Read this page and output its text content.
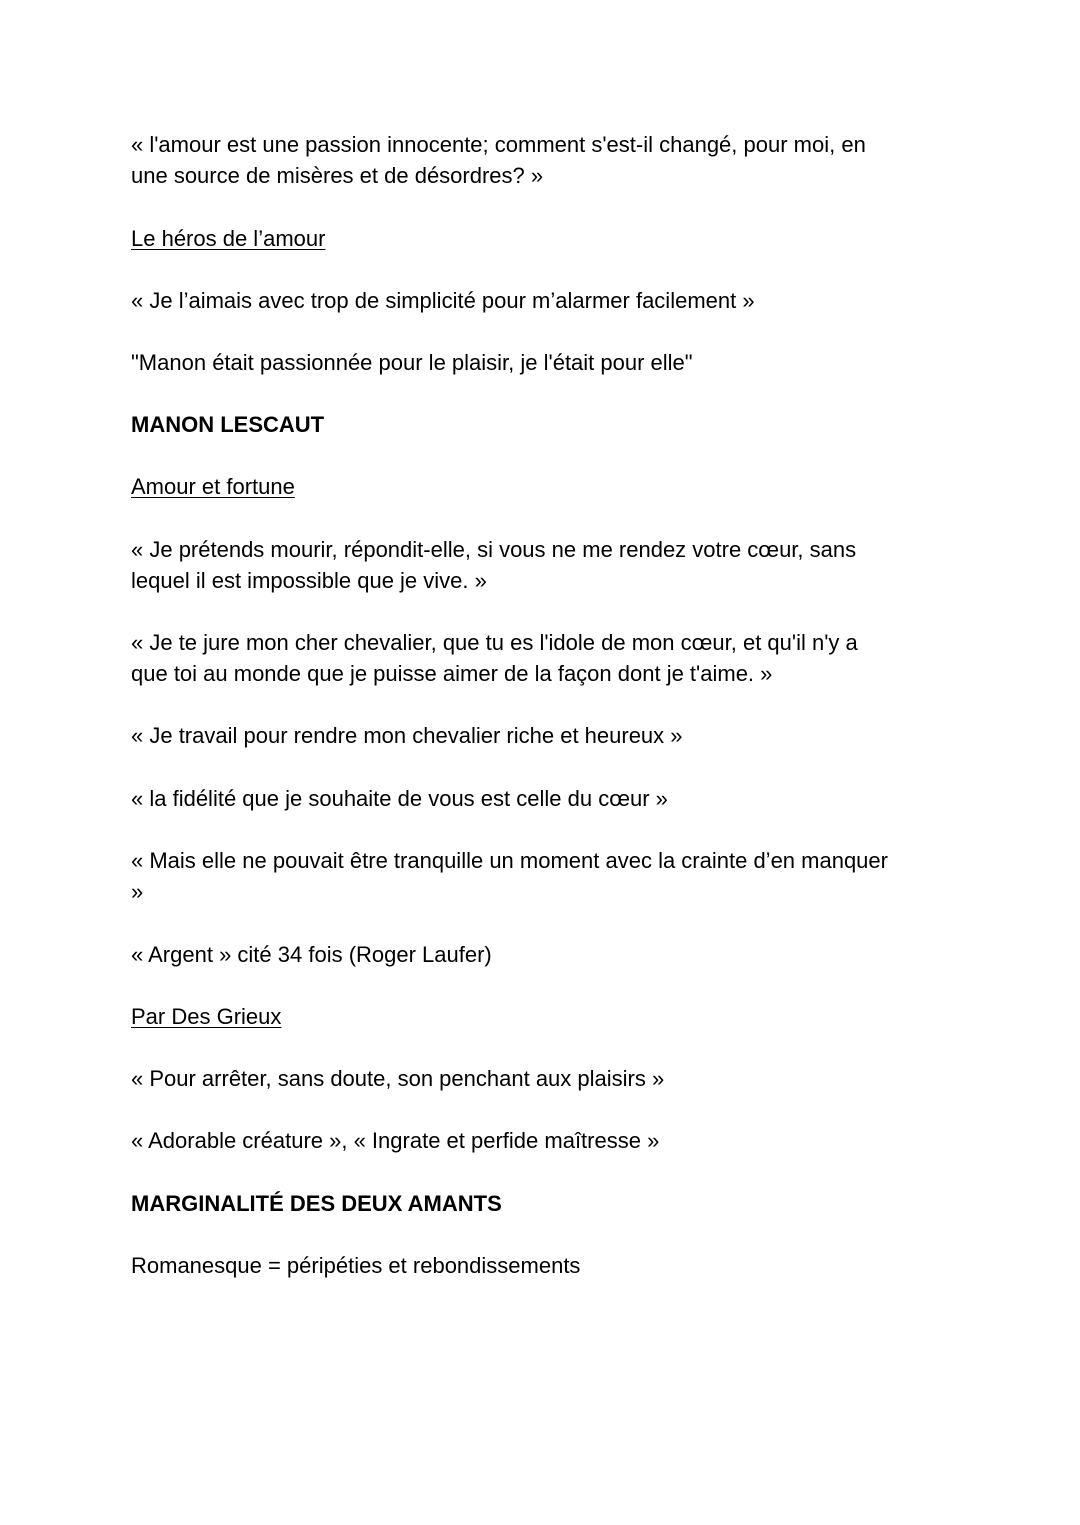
« l'amour est une passion innocente; comment s'est-il changé, pour moi, en
une source de misères et de désordres? »

Le héros de l’amour

« Je l’aimais avec trop de simplicité pour m’alarmer facilement »

"Manon était passionnée pour le plaisir, je l'était pour elle"

MANON LESCAUT

Amour et fortune

« Je prétends mourir, répondit-elle, si vous ne me rendez votre cœur, sans
lequel il est impossible que je vive. »

« Je te jure mon cher chevalier, que tu es l'idole de mon cœur, et qu'il n'y a
que toi au monde que je puisse aimer de la façon dont je t'aime. »

« Je travail pour rendre mon chevalier riche et heureux »

« la fidélité que je souhaite de vous est celle du cœur »

« Mais elle ne pouvait être tranquille un moment avec la crainte d’en manquer
»

« Argent » cité 34 fois (Roger Laufer)

Par Des Grieux

« Pour arrêter, sans doute, son penchant aux plaisirs »

« Adorable créature », « Ingrate et perfide maîtresse »

MARGINALITÉ DES DEUX AMANTS

Romanesque = péripéties et rebondissements
